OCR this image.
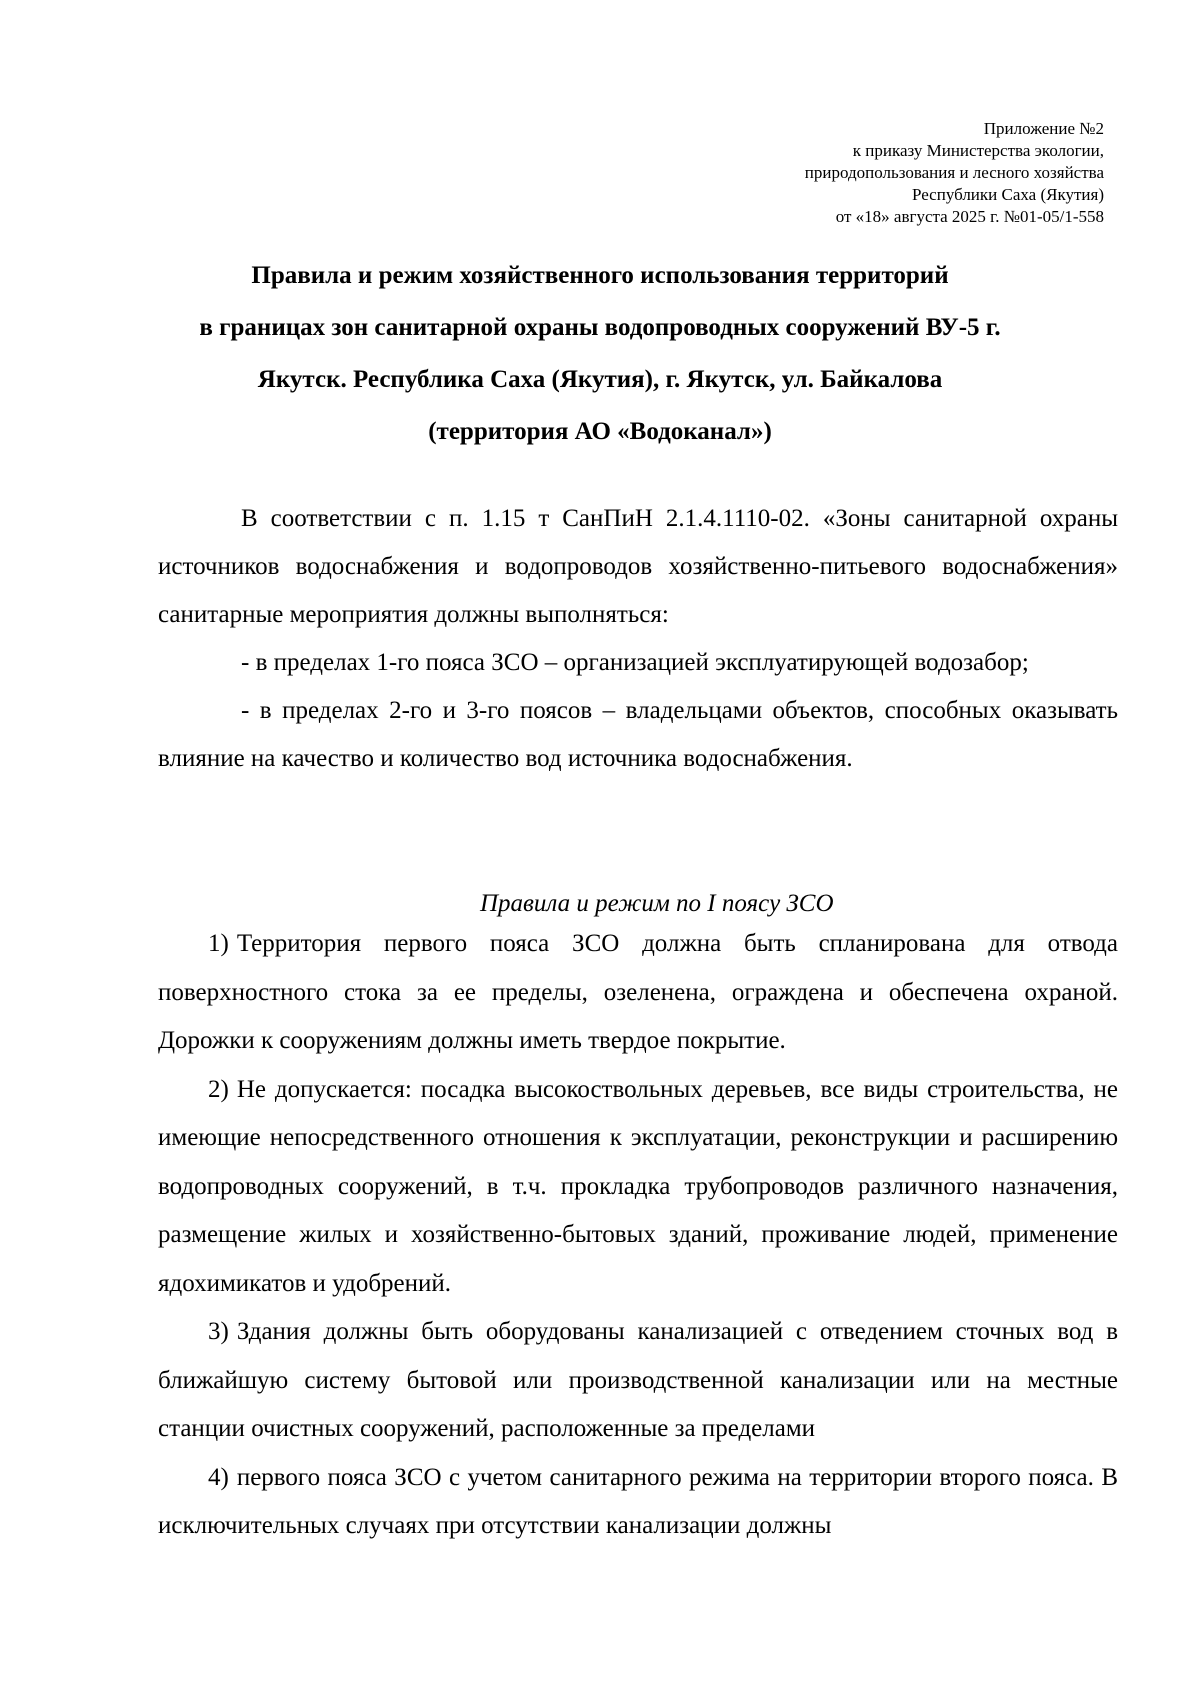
Приложение №2
к приказу Министерства экологии,
природопользования и лесного хозяйства
Республики Саха (Якутия)
от «18» августа 2025 г. №01-05/1-558
Правила и режим хозяйственного использования территорий
в границах зон санитарной охраны водопроводных сооружений ВУ-5 г.
Якутск. Республика Саха (Якутия), г. Якутск, ул. Байкалова
(территория АО «Водоканал»)

В соответствии с п. 1.15 т СанПиН 2.1.4.1110-02. «Зоны санитарной охраны источников водоснабжения и водопроводов хозяйственно-питьевого водоснабжения» санитарные мероприятия должны выполняться:

- в пределах 1-го пояса ЗСО – организацией эксплуатирующей водозабор;

- в пределах 2-го и 3-го поясов – владельцами объектов, способных оказывать влияние на качество и количество вод источника водоснабжения.

Правила и режим по I поясу ЗСО

1) Территория первого пояса ЗСО должна быть спланирована для отвода поверхностного стока за ее пределы, озеленена, ограждена и обеспечена охраной. Дорожки к сооружениям должны иметь твердое покрытие.

2) Не допускается: посадка высокоствольных деревьев, все виды строительства, не имеющие непосредственного отношения к эксплуатации, реконструкции и расширению водопроводных сооружений, в т.ч. прокладка трубопроводов различного назначения, размещение жилых и хозяйственно-бытовых зданий, проживание людей, применение ядохимикатов и удобрений.

3) Здания должны быть оборудованы канализацией с отведением сточных вод в ближайшую систему бытовой или производственной канализации или на местные станции очистных сооружений, расположенные за пределами

4) первого пояса ЗСО с учетом санитарного режима на территории второго пояса. В исключительных случаях при отсутствии канализации должны
